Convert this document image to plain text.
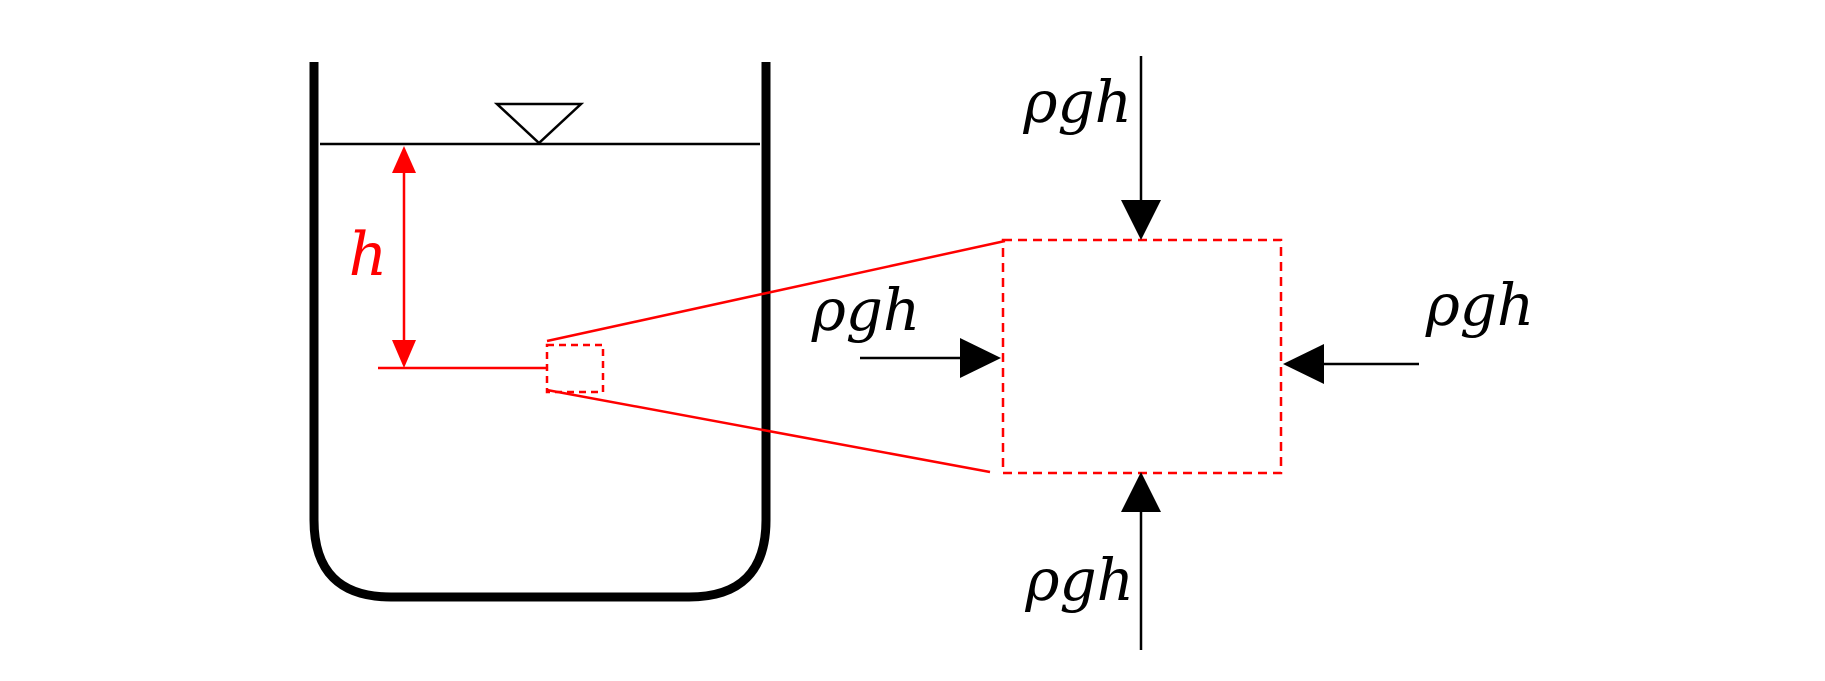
h
ρgh
ρgh	ρgh
ρgh
